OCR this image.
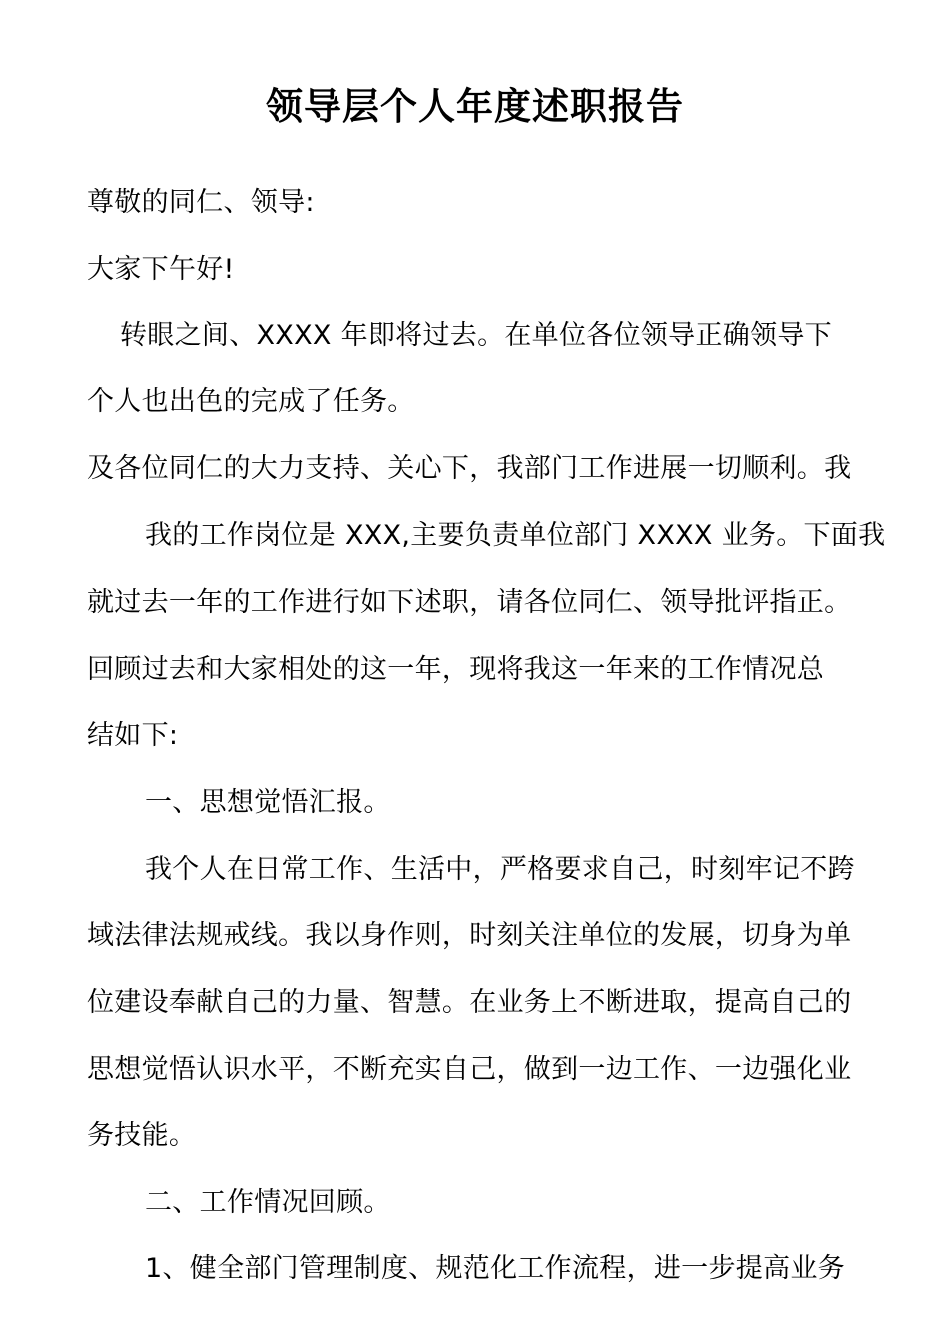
领导层个人年度述职报告
尊敬的同仁、领导:
大家下午好!
转眼之间、XXXX 年即将过去。在单位各位领导正确领导下
个人也出色的完成了任务。
及各位同仁的大力支持、关心下，我部门工作进展一切顺利。我
我的工作岗位是 XXX,主要负责单位部门 XXXX 业务。下面我
就过去一年的工作进行如下述职，请各位同仁、领导批评指正。
回顾过去和大家相处的这一年，现将我这一年来的工作情况总
结如下:
一、思想觉悟汇报。
我个人在日常工作、生活中，严格要求自己，时刻牢记不跨
域法律法规戒线。我以身作则，时刻关注单位的发展，切身为单
位建设奉献自己的力量、智慧。在业务上不断进取，提高自己的
思想觉悟认识水平，不断充实自己，做到一边工作、一边强化业
务技能。
二、工作情况回顾。
1、健全部门管理制度、规范化工作流程，进一步提高业务
